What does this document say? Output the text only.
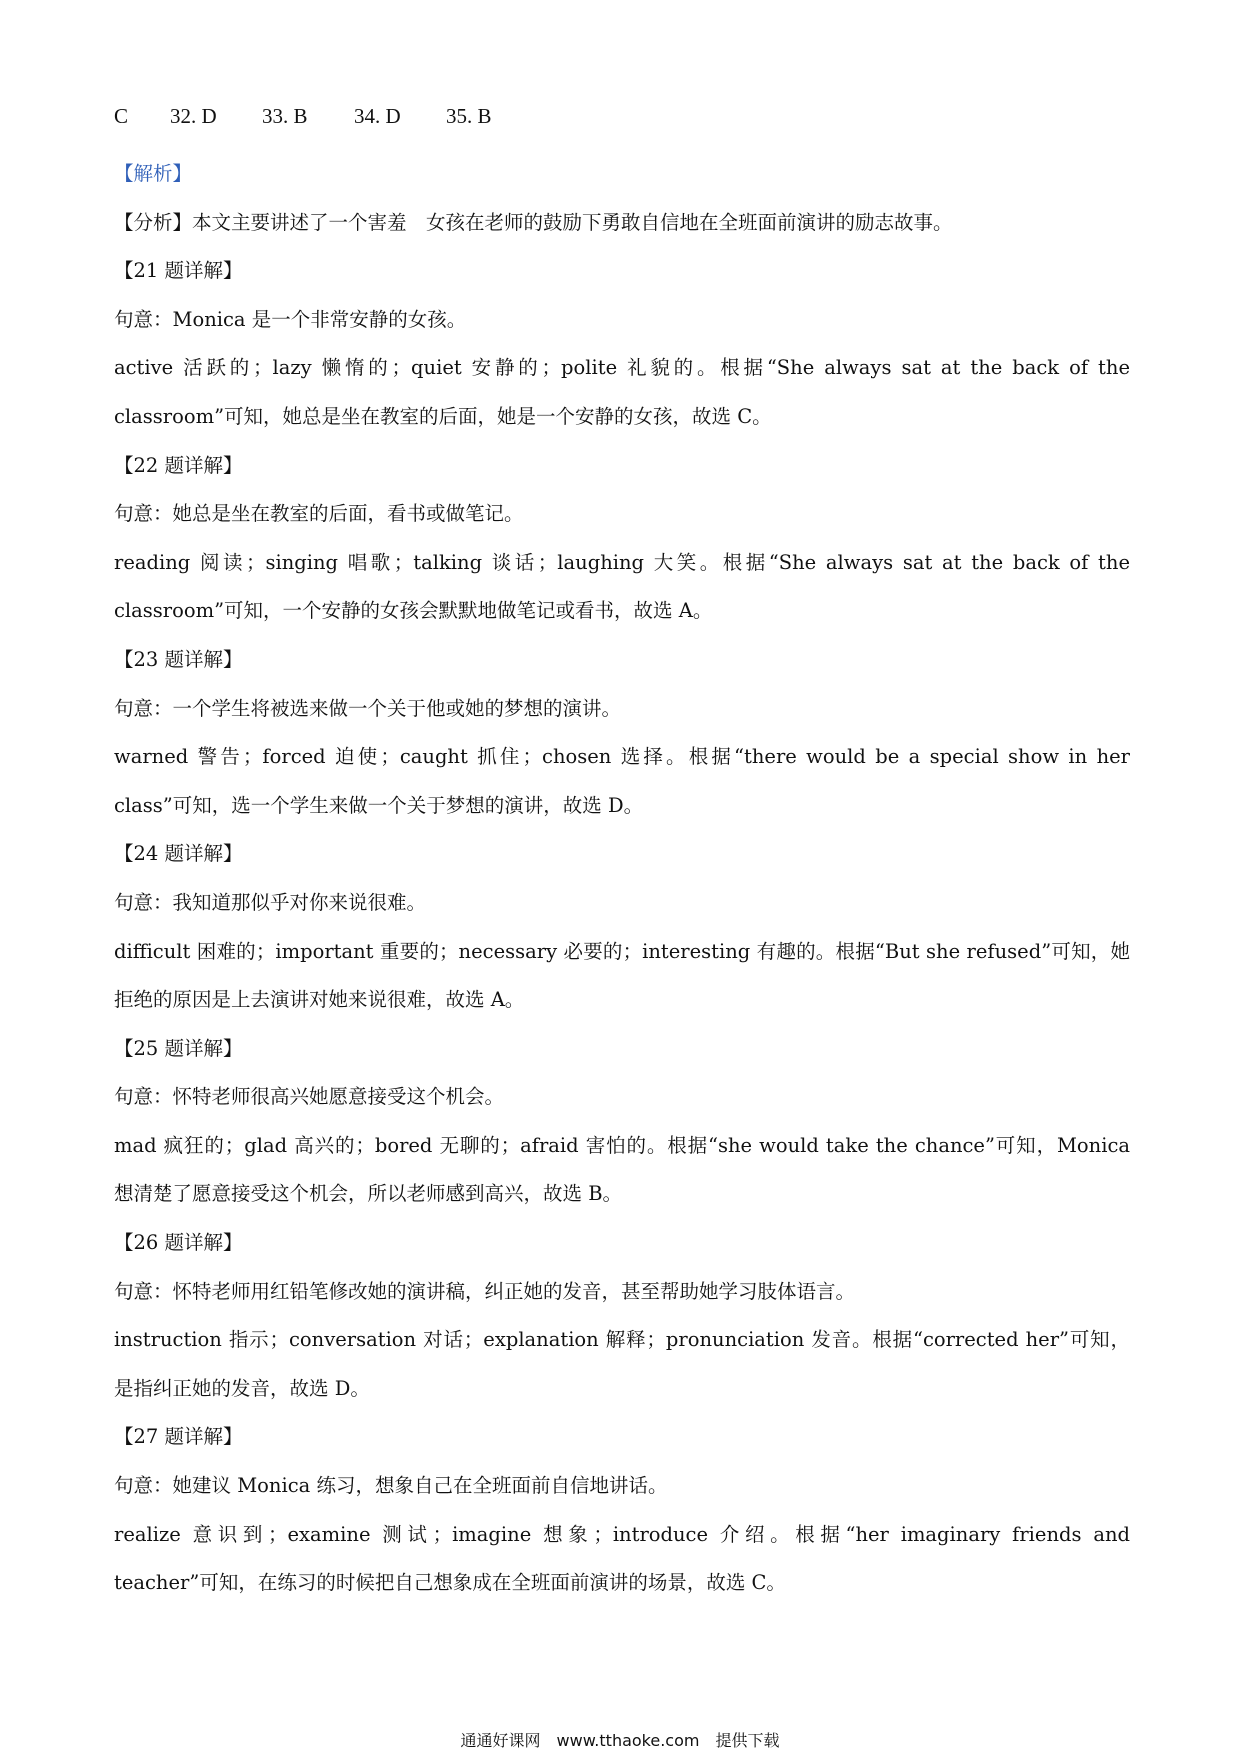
C 32. D 33. B 34. D 35. B

【解析】

【分析】本文主要讲述了一个害羞　女孩在老师的鼓励下勇敢自信地在全班面前演讲的励志故事。

【21 题详解】

句意：Monica 是一个非常安静的女孩。

active 活跃的；lazy 懒惰的；quiet 安静的；polite 礼貌的。根据“She always sat at the back of the classroom”可知，她总是坐在教室的后面，她是一个安静的女孩，故选 C。

【22 题详解】

句意：她总是坐在教室的后面，看书或做笔记。

reading 阅读；singing 唱歌；talking 谈话；laughing 大笑。根据“She always sat at the back of the classroom”可知，一个安静的女孩会默默地做笔记或看书，故选 A。

【23 题详解】

句意：一个学生将被选来做一个关于他或她的梦想的演讲。

warned 警告；forced 迫使；caught 抓住；chosen 选择。根据“there would be a special show in her class”可知，选一个学生来做一个关于梦想的演讲，故选 D。

【24 题详解】

句意：我知道那似乎对你来说很难。

difficult 困难的；important 重要的；necessary 必要的；interesting 有趣的。根据“But she refused”可知，她拒绝的原因是上去演讲对她来说很难，故选 A。

【25 题详解】

句意：怀特老师很高兴她愿意接受这个机会。

mad 疯狂的；glad 高兴的；bored 无聊的；afraid 害怕的。根据“she would take the chance”可知，Monica 想清楚了愿意接受这个机会，所以老师感到高兴，故选 B。

【26 题详解】

句意：怀特老师用红铅笔修改她的演讲稿，纠正她的发音，甚至帮助她学习肢体语言。

instruction 指示；conversation 对话；explanation 解释；pronunciation 发音。根据“corrected her”可知，是指纠正她的发音，故选 D。

【27 题详解】

句意：她建议 Monica 练习，想象自己在全班面前自信地讲话。

realize 意识到；examine 测试；imagine 想象；introduce 介绍。根据“her imaginary friends and teacher”可知，在练习的时候把自己想象成在全班面前演讲的场景，故选 C。

通通好课网　www.tthaoke.com　提供下载
